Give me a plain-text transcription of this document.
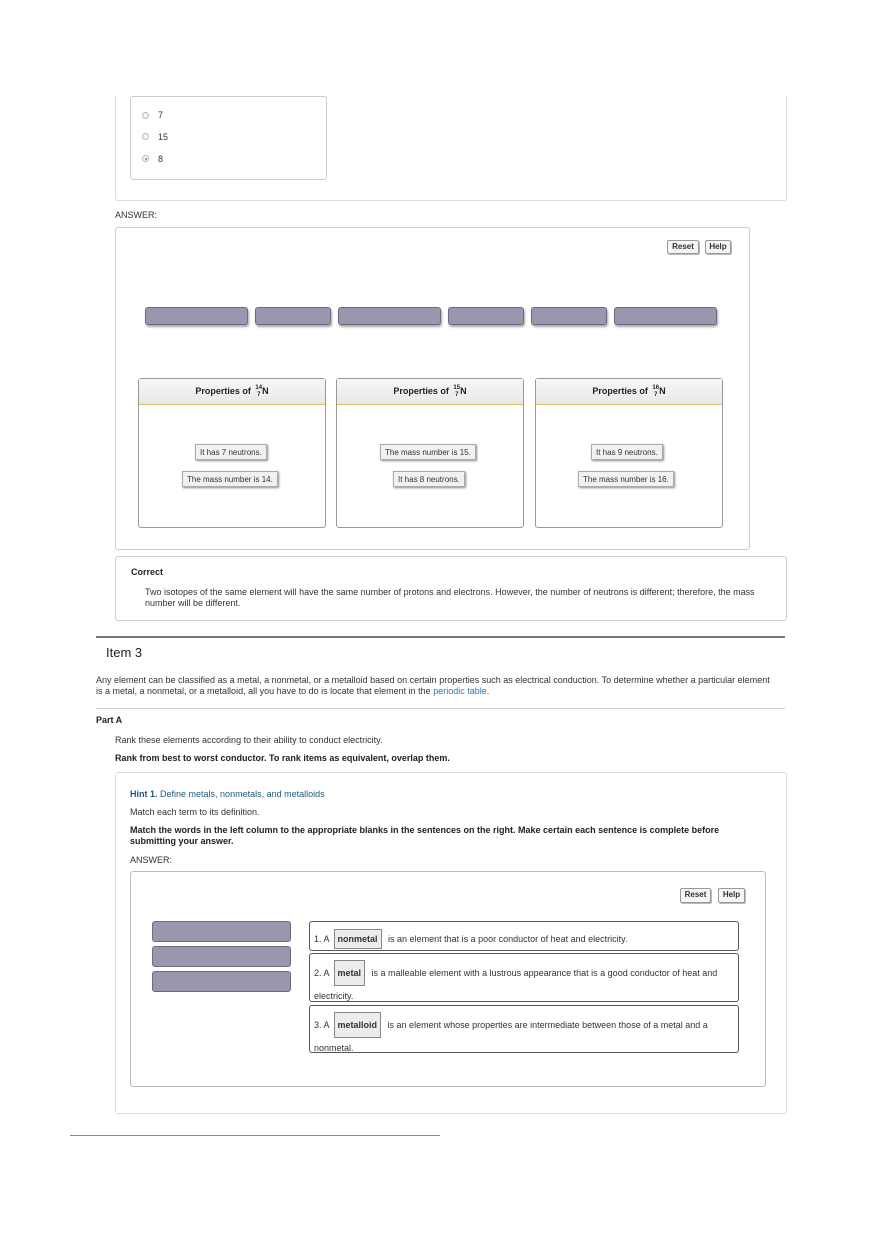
7
15
8
ANSWER:
Reset	Help
Properties of 14
7 N
It has 7 neutrons.
The mass number is 14.
Properties of 15
7 N
The mass number is 15.
It has 8 neutrons.
Properties of 16
7 N
It has 9 neutrons.
The mass number is 16.
Correct
Two isotopes of the same element will have the same number of protons and electrons. However, the number of neutrons is different; therefore, the mass number will be different.
Item 3
Any element can be classified as a metal, a nonmetal, or a metalloid based on certain properties such as electrical conduction. To determine whether a particular element is a metal, a nonmetal, or a metalloid, all you have to do is locate that element in the periodic table.
Part A
Rank these elements according to their ability to conduct electricity.
Rank from best to worst conductor. To rank items as equivalent, overlap them.
Hint 1. Define metals, nonmetals, and metalloids
Match each term to its definition.
Match the words in the left column to the appropriate blanks in the sentences on the right. Make certain each sentence is complete before submitting your answer.
ANSWER:
Reset	Help
1. A nonmetal is an element that is a poor conductor of heat and electricity.
2. A metal is a malleable element with a lustrous appearance that is a good conductor of heat and electricity.
3. A metalloid is an element whose properties are intermediate between those of a metal and a nonmetal.
